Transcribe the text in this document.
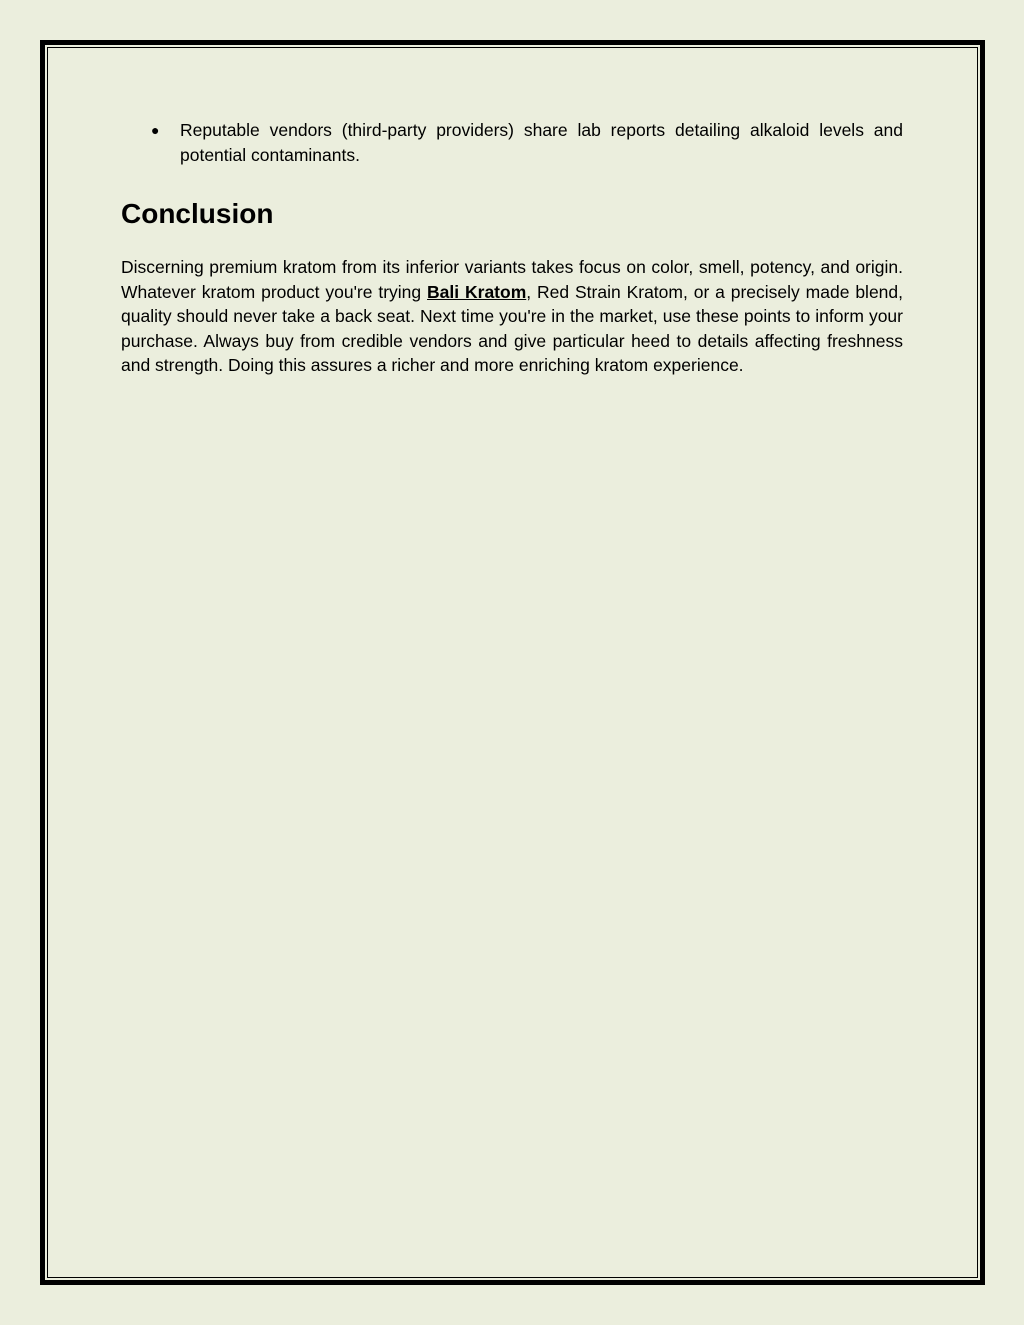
● Reputable vendors (third-party providers) share lab reports detailing alkaloid levels and potential contaminants.
Conclusion

Discerning premium kratom from its inferior variants takes focus on color, smell, potency, and origin. Whatever kratom product you're trying Bali Kratom, Red Strain Kratom, or a precisely made blend, quality should never take a back seat. Next time you're in the market, use these points to inform your purchase. Always buy from credible vendors and give particular heed to details affecting freshness and strength. Doing this assures a richer and more enriching kratom experience.
